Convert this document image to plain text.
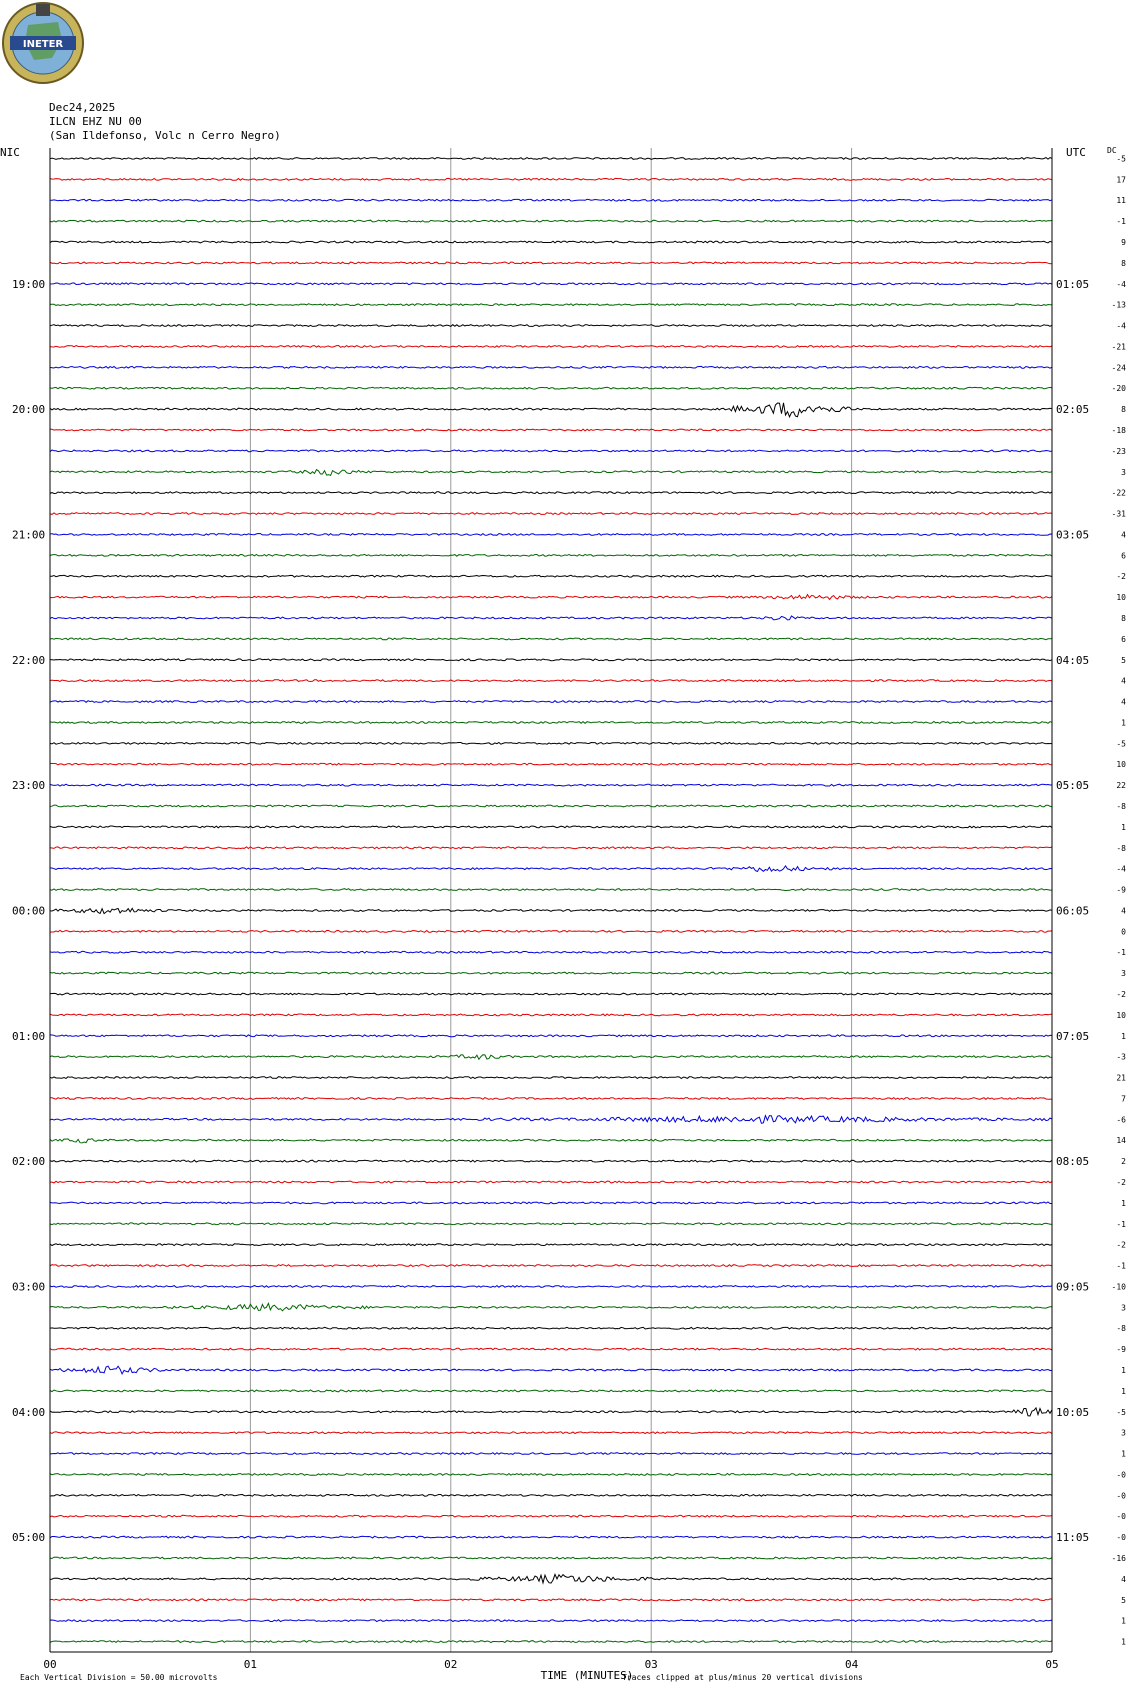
INETER
Dec24,2025
ILCN EHZ NU 00
(San Ildefonso, Volc n Cerro Negro)
-5
17
11
-1
9
8
-4
-13
-4
-21
-24
-20
8
-18
-23
3
-22
-31
4
6
-2
10
8
6
5
4
4
1
-5
10
22
-8
1
-8
-4
-9
4
0
-1
3
-2
10
1
-3
21
7
-6
14
2
-2
1
-1
-2
-1
-10
3
-8
-9
1
1
-5
3
1
-0
-0
-0
-0
-16
4
5
1
1
19:00
20:00
21:00
22:00
23:00
00:00
01:00
02:00
03:00
04:00
05:00
01:05
02:05
03:05
04:05
05:05
06:05
07:05
08:05
09:05
10:05
11:05
00	01	02	03	04	05
NIC	UTC	DC
TIME (MINUTES)
Each Vertical Division = 50.00 microvolts	Traces clipped at plus/minus 20 vertical divisions
